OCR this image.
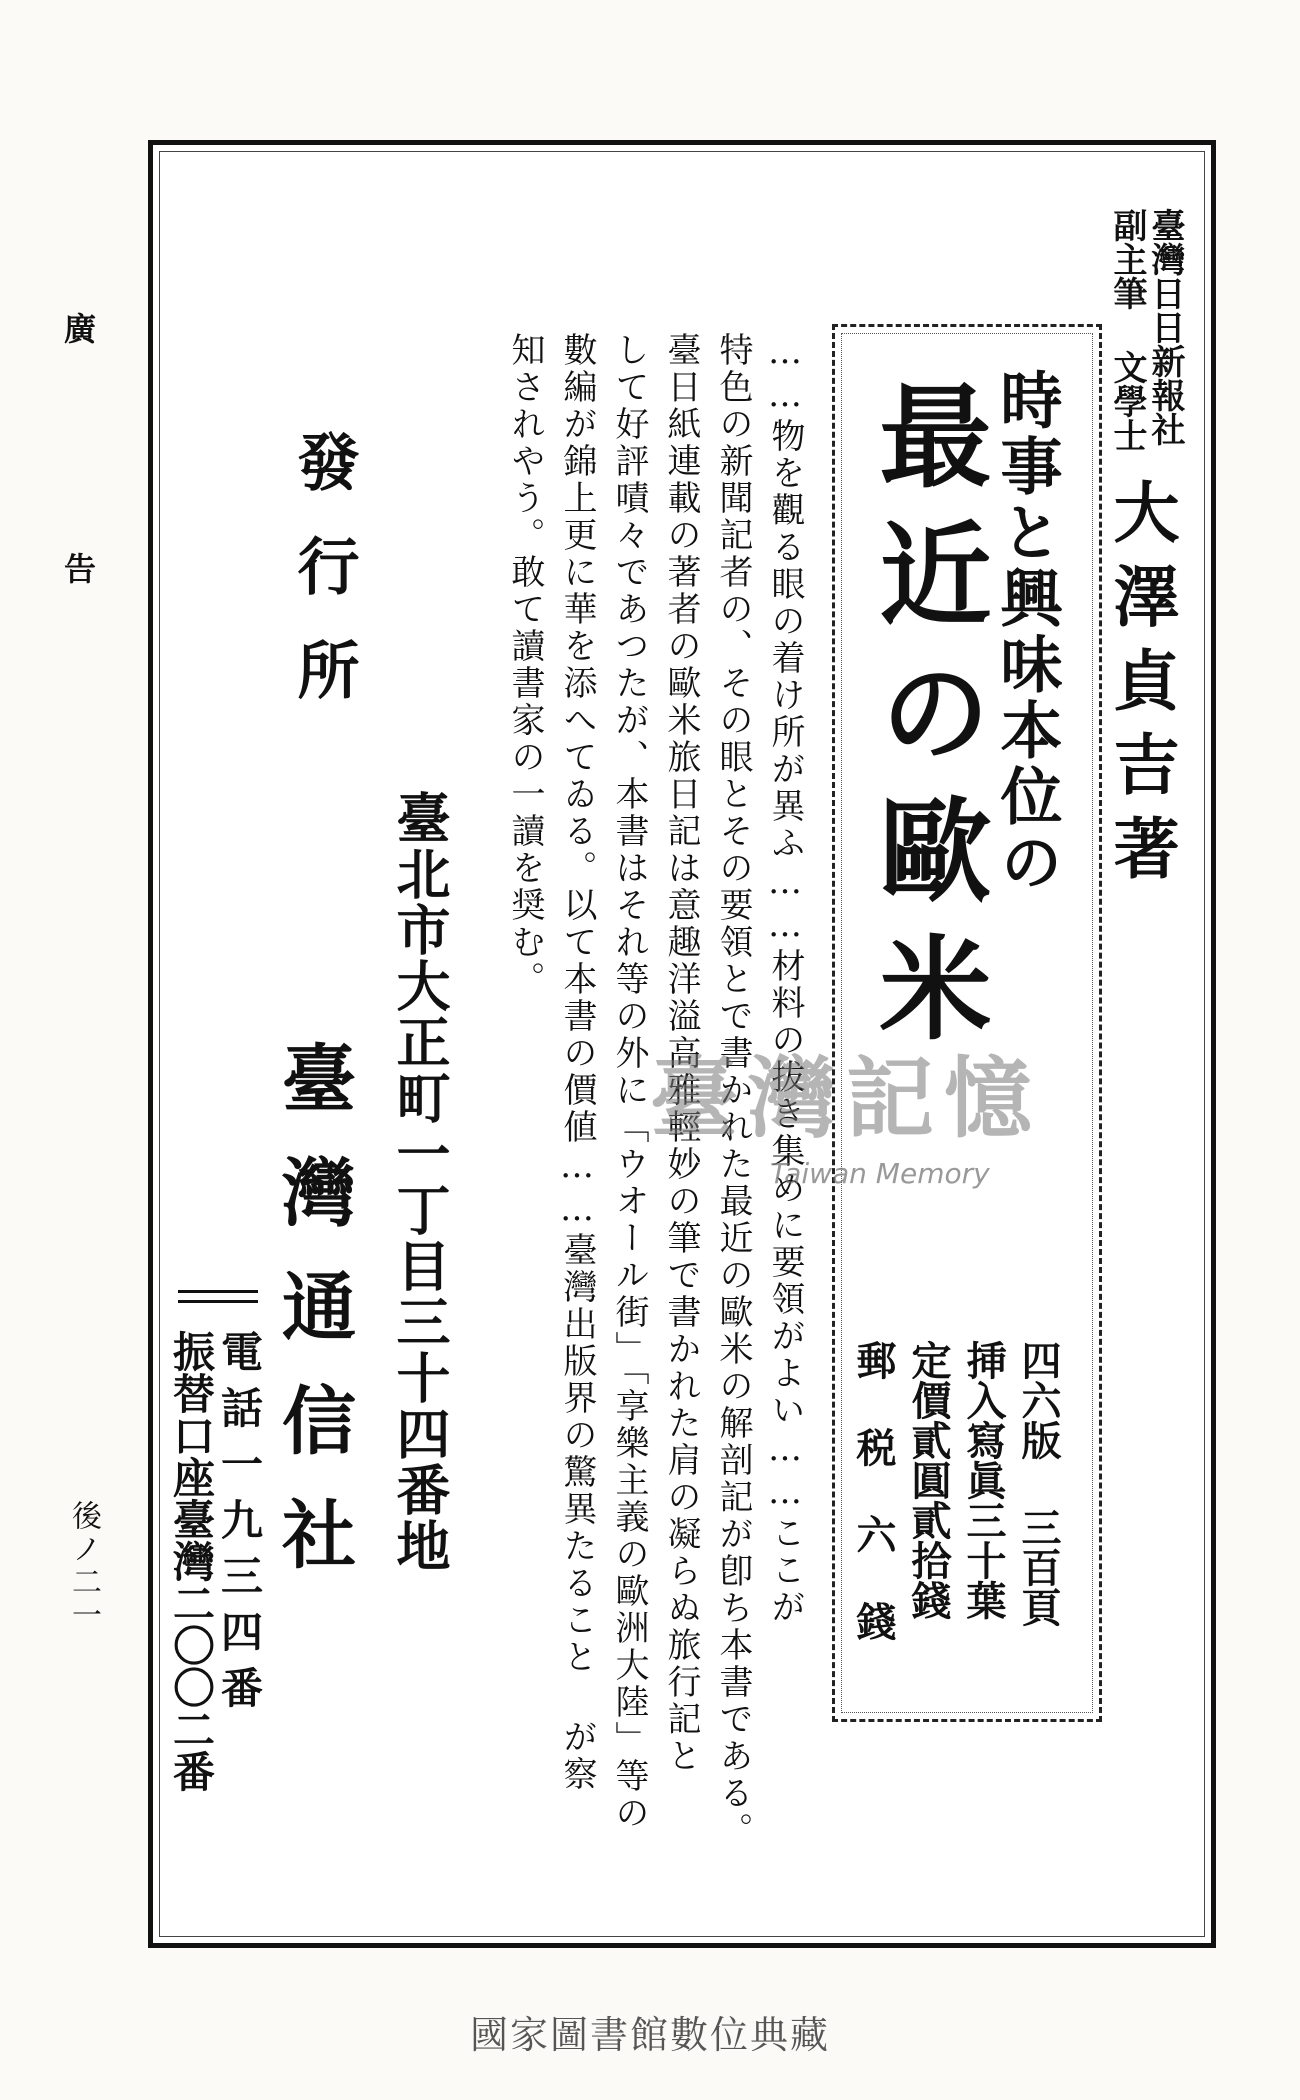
廣
告
後ノ二一
臺灣日日新報社
副主筆 文學士
大澤貞吉著
時事と興味本位の
最近の歐米
四六版 三百頁
挿入寫眞三十葉
定價貳圓貳拾錢
郵 税 六 錢
……物を觀る眼の着け所が異ふ……材料の拔き集めに要領がよい……ここが
特色の新聞記者の、その眼とその要領とで書かれた最近の歐米の解剖記が卽ち本書である。
臺日紙連載の著者の歐米旅日記は意趣洋溢高雅輕妙の筆で書かれた肩の凝らぬ旅行記と
して好評嘖々であつたが、本書はそれ等の外に「ウオール街」「享樂主義の歐洲大陸」等の
數編が錦上更に華を添へてゐる。以て本書の價値……臺灣出版界の驚異たること が察
知されやう。敢て讀書家の一讀を奨む。
臺北市大正町一丁目三十四番地
發行所
臺灣通信社
電話一九三四番
振替口座臺灣二〇〇二番
臺灣記憶
Taiwan Memory
國家圖書館數位典藏
